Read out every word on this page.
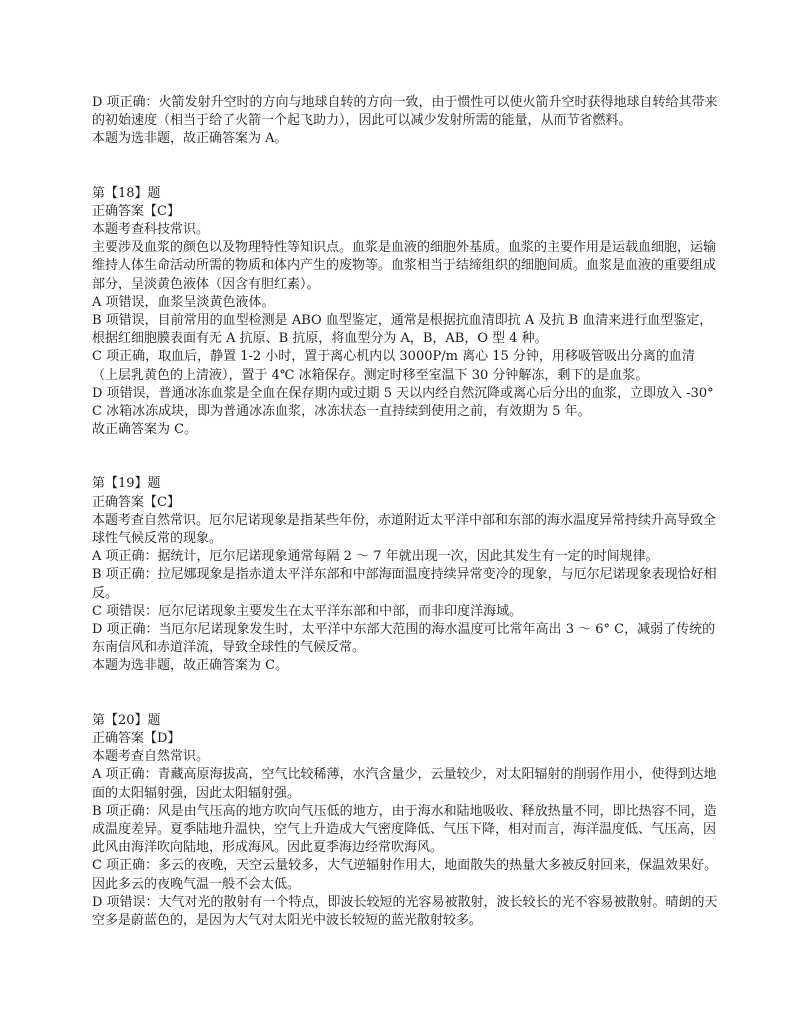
D 项正确：火箭发射升空时的方向与地球自转的方向一致，由于惯性可以使火箭升空时获得地球自转给其带来的初始速度（相当于给了火箭一个起飞助力），因此可以减少发射所需的能量，从而节省燃料。
本题为选非题，故正确答案为 A。
第【18】题
正确答案【C】
本题考查科技常识。
主要涉及血浆的颜色以及物理特性等知识点。血浆是血液的细胞外基质。血浆的主要作用是运载血细胞，运输维持人体生命活动所需的物质和体内产生的废物等。血浆相当于结缔组织的细胞间质。血浆是血液的重要组成部分，呈淡黄色液体（因含有胆红素）。
A 项错误，血浆呈淡黄色液体。
B 项错误，目前常用的血型检测是 ABO 血型鉴定，通常是根据抗血清即抗 A 及抗 B 血清来进行血型鉴定，根据红细胞膜表面有无 A 抗原、B 抗原，将血型分为 A，B，AB，O 型 4 种。
C 项正确，取血后，静置 1-2 小时，置于离心机内以 3000P/m 离心 15 分钟，用移吸管吸出分离的血清（上层乳黄色的上清液），置于 4℃ 冰箱保存。测定时移至室温下 30 分钟解冻，剩下的是血浆。
D 项错误，普通冰冻血浆是全血在保存期内或过期 5 天以内经自然沉降或离心后分出的血浆，立即放入 -30° C 冰箱冰冻成块，即为普通冰冻血浆，冰冻状态一直持续到使用之前，有效期为 5 年。
故正确答案为 C。
第【19】题
正确答案【C】
本题考查自然常识。厄尔尼诺现象是指某些年份，赤道附近太平洋中部和东部的海水温度异常持续升高导致全球性气候反常的现象。
A 项正确：据统计，厄尔尼诺现象通常每隔 2 ～ 7 年就出现一次，因此其发生有一定的时间规律。
B 项正确：拉尼娜现象是指赤道太平洋东部和中部海面温度持续异常变冷的现象，与厄尔尼诺现象表现恰好相反。
C 项错误：厄尔尼诺现象主要发生在太平洋东部和中部，而非印度洋海域。
D 项正确：当厄尔尼诺现象发生时，太平洋中东部大范围的海水温度可比常年高出 3 ～ 6° C，减弱了传统的东南信风和赤道洋流，导致全球性的气候反常。
本题为选非题，故正确答案为 C。
第【20】题
正确答案【D】
本题考查自然常识。
A 项正确：青藏高原海拔高，空气比较稀薄，水汽含量少，云量较少，对太阳辐射的削弱作用小，使得到达地面的太阳辐射强，因此太阳辐射强。
B 项正确：风是由气压高的地方吹向气压低的地方，由于海水和陆地吸收、释放热量不同，即比热容不同，造成温度差异。夏季陆地升温快，空气上升造成大气密度降低、气压下降，相对而言，海洋温度低、气压高，因此风由海洋吹向陆地，形成海风。因此夏季海边经常吹海风。
C 项正确：多云的夜晚，天空云量较多，大气逆辐射作用大，地面散失的热量大多被反射回来，保温效果好。因此多云的夜晚气温一般不会太低。
D 项错误：大气对光的散射有一个特点，即波长较短的光容易被散射，波长较长的光不容易被散射。晴朗的天空多是蔚蓝色的，是因为大气对太阳光中波长较短的蓝光散射较多。
